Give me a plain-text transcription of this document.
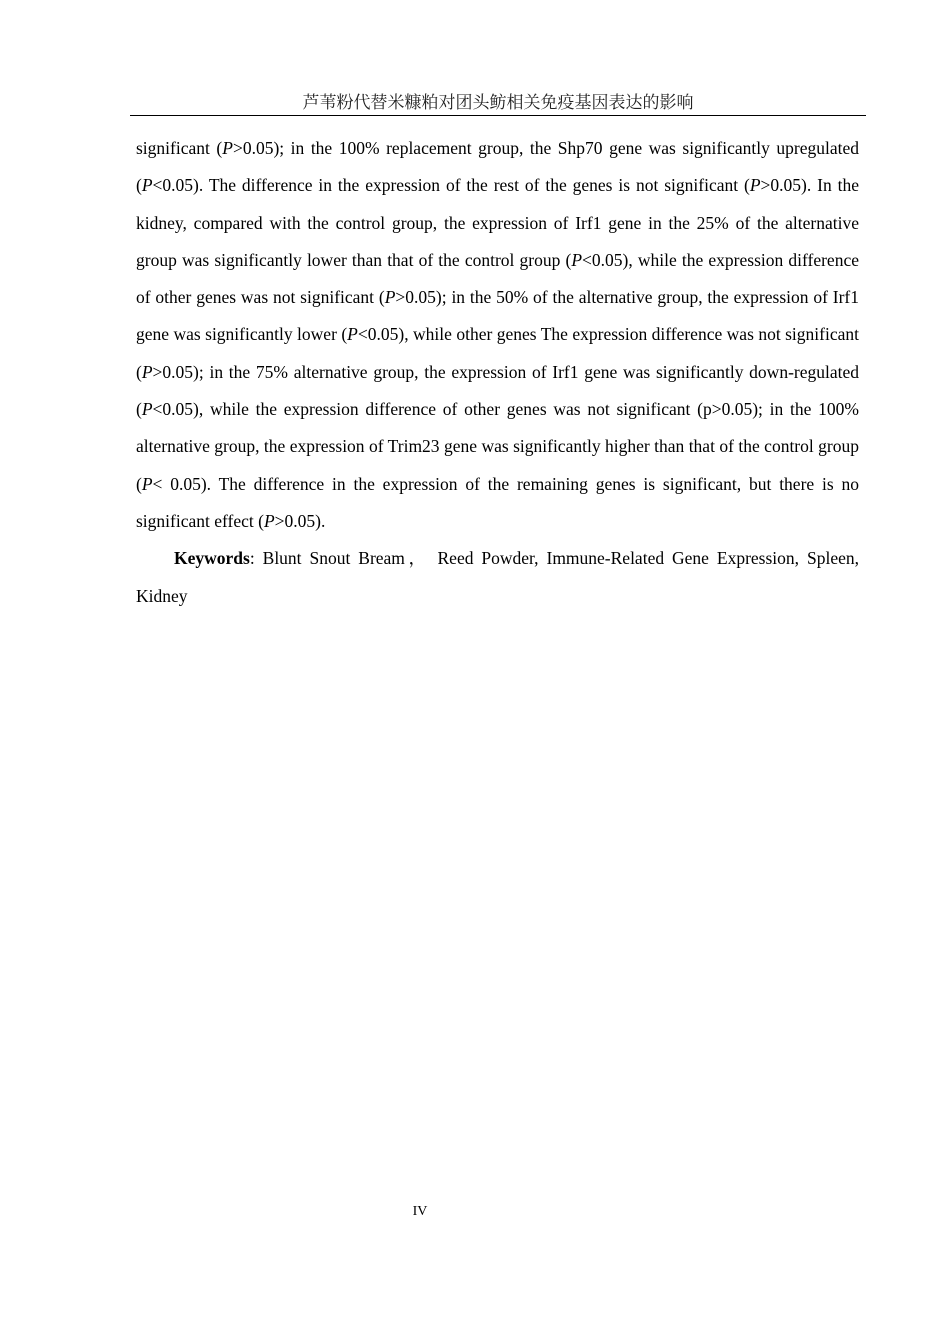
芦苇粉代替米糠粕对团头鲂相关免疫基因表达的影响

significant (P>0.05); in the 100% replacement group, the Shp70 gene was significantly upregulated (P<0.05). The difference in the expression of the rest of the genes is not significant (P>0.05). In the kidney, compared with the control group, the expression of Irf1 gene in the 25% of the alternative group was significantly lower than that of the control group (P<0.05), while the expression difference of other genes was not significant (P>0.05); in the 50% of the alternative group, the expression of Irf1 gene was significantly lower (P<0.05), while other genes The expression difference was not significant (P>0.05); in the 75% alternative group, the expression of Irf1 gene was significantly down-regulated (P<0.05), while the expression difference of other genes was not significant (p>0.05); in the 100% alternative group, the expression of Trim23 gene was significantly higher than that of the control group (P< 0.05). The difference in the expression of the remaining genes is significant, but there is no significant effect (P>0.05).

Keywords: Blunt Snout Bream， Reed Powder, Immune-Related Gene Expression, Spleen, Kidney

IV
